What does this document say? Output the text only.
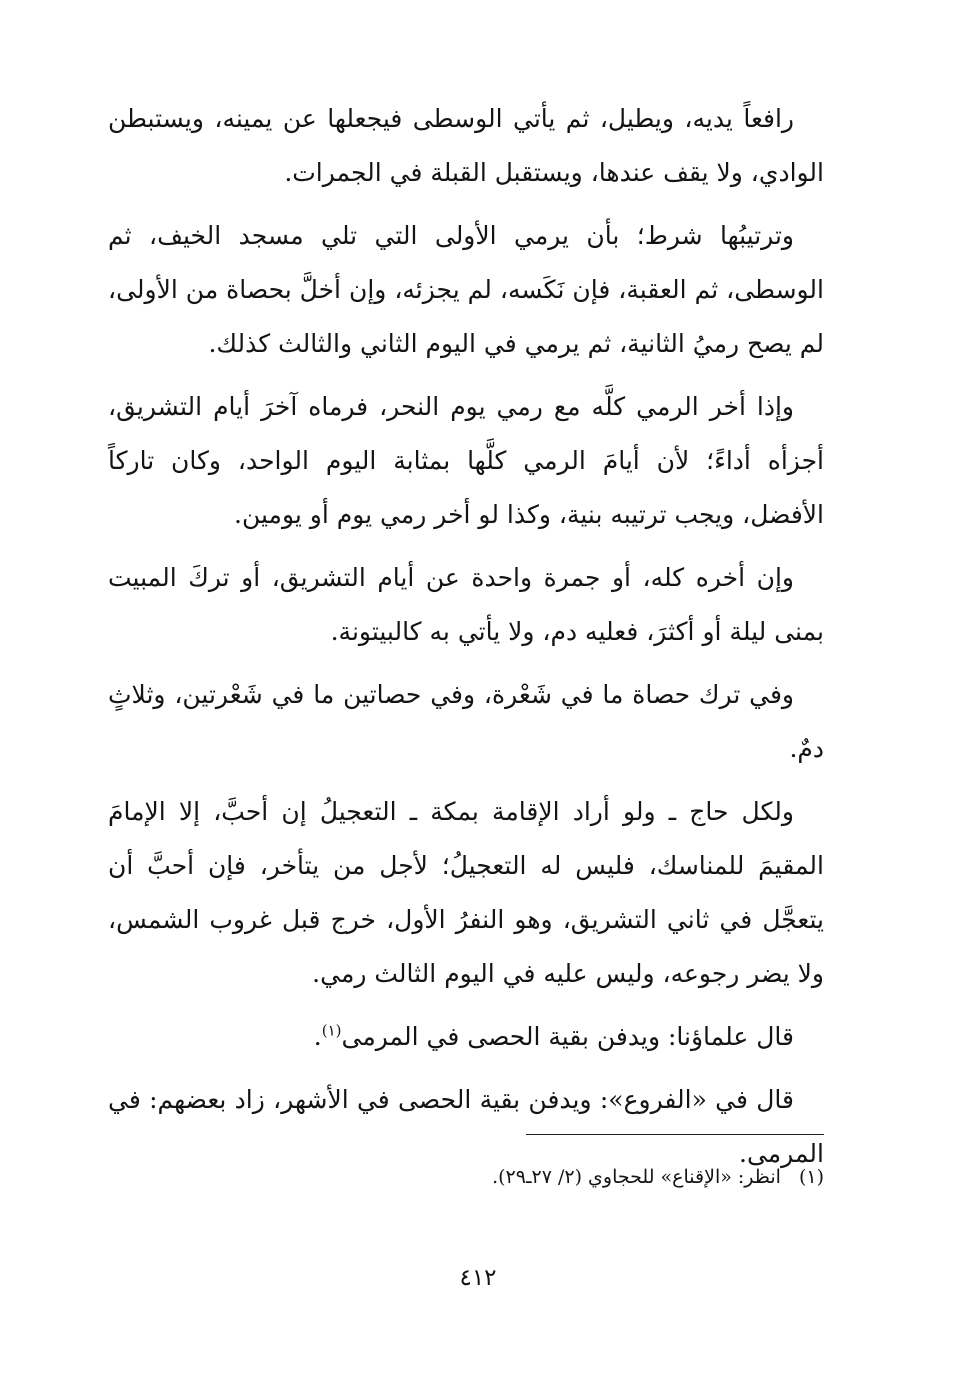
رافعاً يديه، ويطيل، ثم يأتي الوسطى فيجعلها عن يمينه، ويستبطن الوادي، ولا يقف عندها، ويستقبل القبلة في الجمرات.

وترتيبُها شرط؛ بأن يرمي الأولى التي تلي مسجد الخيف، ثم الوسطى، ثم العقبة، فإن نَكَسه، لم يجزئه، وإن أخلَّ بحصاة من الأولى، لم يصح رميُ الثانية، ثم يرمي في اليوم الثاني والثالث كذلك.

وإذا أخر الرمي كلَّه مع رمي يوم النحر، فرماه آخرَ أيام التشريق، أجزأه أداءً؛ لأن أيامَ الرمي كلَّها بمثابة اليوم الواحد، وكان تاركاً الأفضل، ويجب ترتيبه بنية، وكذا لو أخر رمي يوم أو يومين.

وإن أخره كله، أو جمرة واحدة عن أيام التشريق، أو تركَ المبيت بمنى ليلة أو أكثرَ، فعليه دم، ولا يأتي به كالبيتونة.

وفي ترك حصاة ما في شَعْرة، وفي حصاتين ما في شَعْرتين، وثلاثٍ دمٌ.

ولكل حاج ـ ولو أراد الإقامة بمكة ـ التعجيلُ إن أحبَّ، إلا الإمامَ المقيمَ للمناسك، فليس له التعجيلُ؛ لأجل من يتأخر، فإن أحبَّ أن يتعجَّل في ثاني التشريق، وهو النفرُ الأول، خرج قبل غروب الشمس، ولا يضر رجوعه، وليس عليه في اليوم الثالث رمي.

قال علماؤنا: ويدفن بقية الحصى في المرمى$^{(١)}$.

قال في «الفروع»: ويدفن بقية الحصى في الأشهر، زاد بعضهم: في المرمى.

(١)انظر: «الإقناع» للحجاوي (٢/ ٢٧ـ٢٩).
٤١٢
